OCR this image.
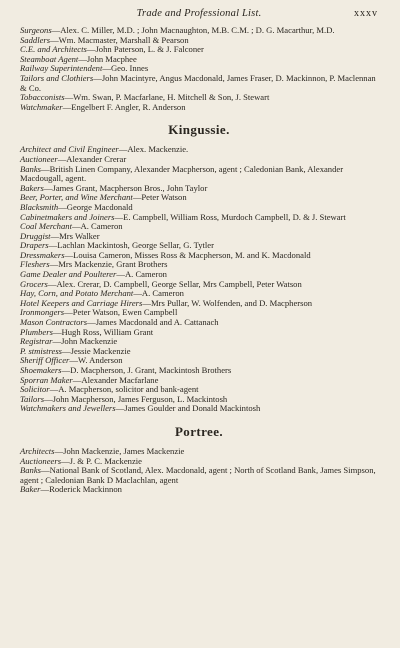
Trade and Professional List.	xxxv

Surgeons—Alex. C. Miller, M.D. ; John Macnaughton, M.B. C.M. ; D. G. Macarthur, M.D.

Saddlers—Wm. Macmaster, Marshall & Pearson

C.E. and Architects—John Paterson, L. & J. Falconer

Steamboat Agent—John Macphee

Railway Superintendent—Geo. Innes

Tailors and Clothiers—John Macintyre, Angus Macdonald, James Fraser, D. Mackinnon, P. Maclennan & Co.

Tobacconists—Wm. Swan, P. Macfarlane, H. Mitchell & Son, J. Stewart

Watchmaker—Engelbert F. Angler, R. Anderson

Kingussie.

Architect and Civil Engineer—Alex. Mackenzie.

Auctioneer—Alexander Crerar

Banks—British Linen Company, Alexander Macpherson, agent ; Caledonian Bank, Alexander Macdougall, agent.

Bakers—James Grant, Macpherson Bros., John Taylor

Beer, Porter, and Wine Merchant—Peter Watson

Blacksmith—George Macdonald

Cabinetmakers and Joiners—E. Campbell, William Ross, Murdoch Campbell, D. & J. Stewart

Coal Merchant—A. Cameron

Druggist—Mrs Walker

Drapers—Lachlan Mackintosh, George Sellar, G. Tytler

Dressmakers—Louisa Cameron, Misses Ross & Macpherson, M. and K. Macdonald

Fleshers—Mrs Mackenzie, Grant Brothers

Game Dealer and Poulterer—A. Cameron

Grocers—Alex. Crerar, D. Campbell, George Sellar, Mrs Campbell, Peter Watson

Hay, Corn, and Potato Merchant—A. Cameron

Hotel Keepers and Carriage Hirers—Mrs Pullar, W. Wolfenden, and D. Macpherson

Ironmongers—Peter Watson, Ewen Campbell

Mason Contractors—James Macdonald and A. Cattanach

Plumbers—Hugh Ross, William Grant

Registrar—John Mackenzie

P. stmistress—Jessie Mackenzie

Sheriff Officer—W. Anderson

Shoemakers—D. Macpherson, J. Grant, Mackintosh Brothers

Sporran Maker—Alexander Macfarlane

Solicitor—A. Macpherson, solicitor and bank-agent

Tailors—John Macpherson, James Ferguson, L. Mackintosh

Watchmakers and Jewellers—James Goulder and Donald Mackintosh

Portree.

Architects—John Mackenzie, James Mackenzie

Auctioneers—J. & P. C. Mackenzie

Banks—National Bank of Scotland, Alex. Macdonald, agent ; North of Scotland Bank, James Simpson, agent ; Caledonian Bank D Maclachlan, agent

Baker—Roderick Mackinnon
